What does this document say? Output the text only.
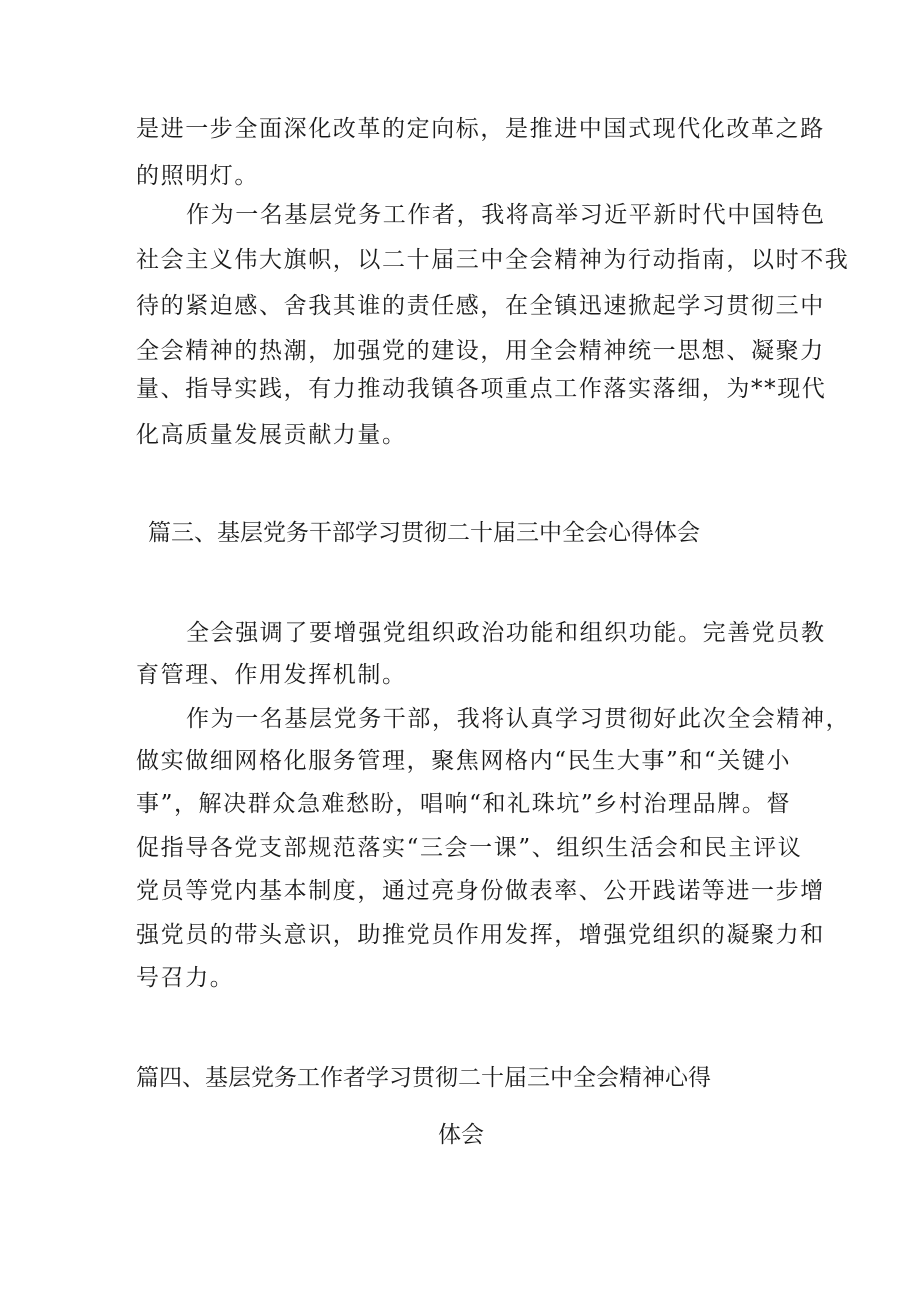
是进一步全面深化改革的定向标，是推进中国式现代化改革之路
的照明灯。
作为一名基层党务工作者，我将高举习近平新时代中国特色
社会主义伟大旗帜，以二十届三中全会精神为行动指南，以时不我
待的紧迫感、舍我其谁的责任感，在全镇迅速掀起学习贯彻三中
全会精神的热潮，加强党的建设，用全会精神统一思想、凝聚力
量、指导实践，有力推动我镇各项重点工作落实落细，为**现代
化高质量发展贡献力量。
篇三、基层党务干部学习贯彻二十届三中全会心得体会
全会强调了要增强党组织政治功能和组织功能。完善党员教
育管理、作用发挥机制。
作为一名基层党务干部，我将认真学习贯彻好此次全会精神，
做实做细网格化服务管理，聚焦网格内“民生大事”和“关键小
事”，解决群众急难愁盼，唱响“和礼珠坑”乡村治理品牌。督
促指导各党支部规范落实“三会一课”、组织生活会和民主评议
党员等党内基本制度，通过亮身份做表率、公开践诺等进一步增
强党员的带头意识，助推党员作用发挥，增强党组织的凝聚力和
号召力。
篇四、基层党务工作者学习贯彻二十届三中全会精神心得
体会
